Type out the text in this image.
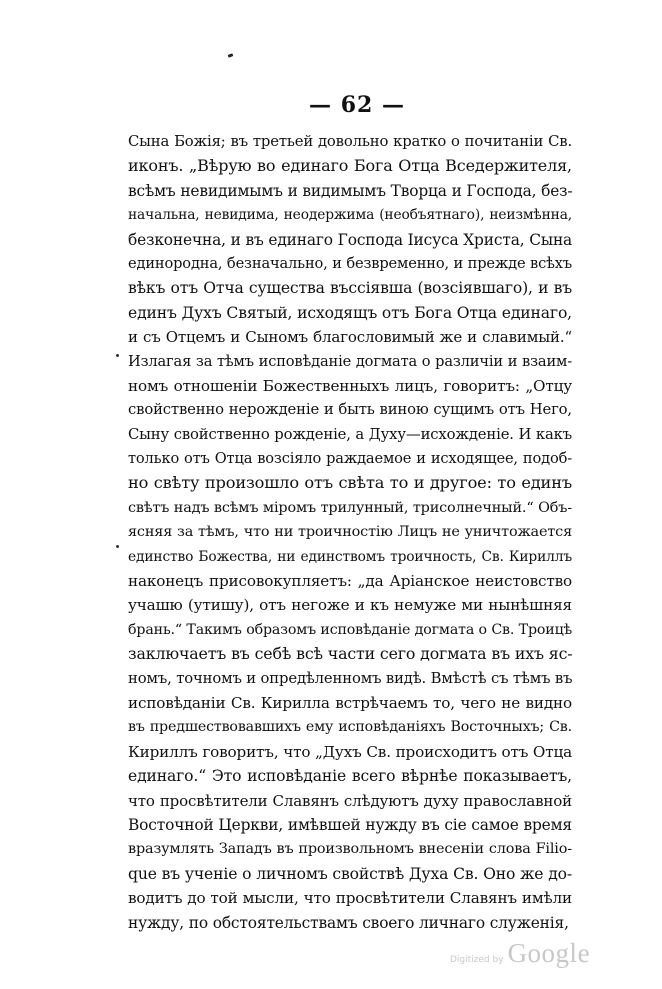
— 62 —
Сына Божія; въ третьей довольно кратко о почитаніи Св.
иконъ. „Вѣрую во единаго Бога Отца Вседержителя,
всѣмъ невидимымъ и видимымъ Творца и Господа, без-
начальна, невидима, неодержима (необъятнаго), неизмѣнна,
безконечна, и въ единаго Господа Іисуса Христа, Сына
единородна, безначально, и безвременно, и прежде всѣхъ
вѣкъ отъ Отча существа въссіявша (возсіявшаго), и въ
единъ Духъ Святый, исходящъ отъ Бога Отца единаго,
и съ Отцемъ и Сыномъ благословимый же и славимый.“
Излагая за тѣмъ исповѣданіе догмата о различіи и взаим-
номъ отношеніи Божественныхъ лицъ, говоритъ: „Отцу
свойственно нерожденіе и быть виною сущимъ отъ Него,
Сыну свойственно рожденіе, а Духу—исхожденіе. И какъ
только отъ Отца возсіяло раждаемое и исходящее, подоб-
но свѣту произошло отъ свѣта то и другое: то единъ
свѣтъ надъ всѣмъ міромъ трилунный, трисолнечный.“ Объ-
ясняя за тѣмъ, что ни троичностію Лицъ не уничтожается
единство Божества, ни единствомъ троичность, Св. Кириллъ
наконецъ присовокупляетъ: „да Аріанское неистовство
учашю (утишу), отъ негоже и къ немуже ми нынѣшняя
брань.“ Такимъ образомъ исповѣданіе догмата о Св. Троицѣ
заключаетъ въ себѣ всѣ части сего догмата въ ихъ яс-
номъ, точномъ и опредѣленномъ видѣ. Вмѣстѣ съ тѣмъ въ
исповѣданіи Св. Кирилла встрѣчаемъ то, чего не видно
въ предшествовавшихъ ему исповѣданіяхъ Восточныхъ; Св.
Кириллъ говоритъ, что „Духъ Св. происходитъ отъ Отца
единаго.“ Это исповѣданіе всего вѣрнѣе показываетъ,
что просвѣтители Славянъ слѣдуютъ духу православной
Восточной Церкви, имѣвшей нужду въ сіе самое время
вразумлять Западъ въ произвольномъ внесеніи слова Filio-
que въ ученіе о личномъ свойствѣ Духа Св. Оно же до-
водитъ до той мысли, что просвѣтители Славянъ имѣли
нужду, по обстоятельствамъ своего личнаго служенія,
Digitized by Google
